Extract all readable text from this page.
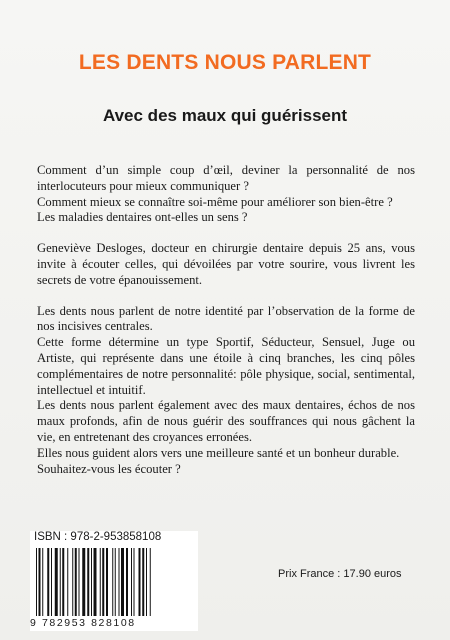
LES DENTS NOUS PARLENT
Avec des maux qui guérissent

Comment d’un simple coup d’œil, deviner la personnalité de nos interlocuteurs pour mieux communiquer ?

Comment mieux se connaître soi-même pour améliorer son bien-être ?

Les maladies dentaires ont-elles un sens ?

Geneviève Desloges, docteur en chirurgie dentaire depuis 25 ans, vous invite à écouter celles, qui dévoilées par votre sourire, vous livrent les secrets de votre épanouissement.

Les dents nous parlent de notre identité par l’observation de la forme de nos incisives centrales.

Cette forme détermine un type Sportif, Séducteur, Sensuel, Juge ou Artiste, qui représente dans une étoile à cinq branches, les cinq pôles complémentaires de notre personnalité: pôle physique, social, sentimental, intellectuel et intuitif.

Les dents nous parlent également avec des maux dentaires, échos de nos maux profonds, afin de nous guérir des souffrances qui nous gâchent la vie, en entretenant des croyances erronées.

Elles nous guident alors vers une meilleure santé et un bonheur durable.

Souhaitez-vous les écouter ?

ISBN : 978-2-953858108
9 782953 828108
Prix France : 17.90 euros
